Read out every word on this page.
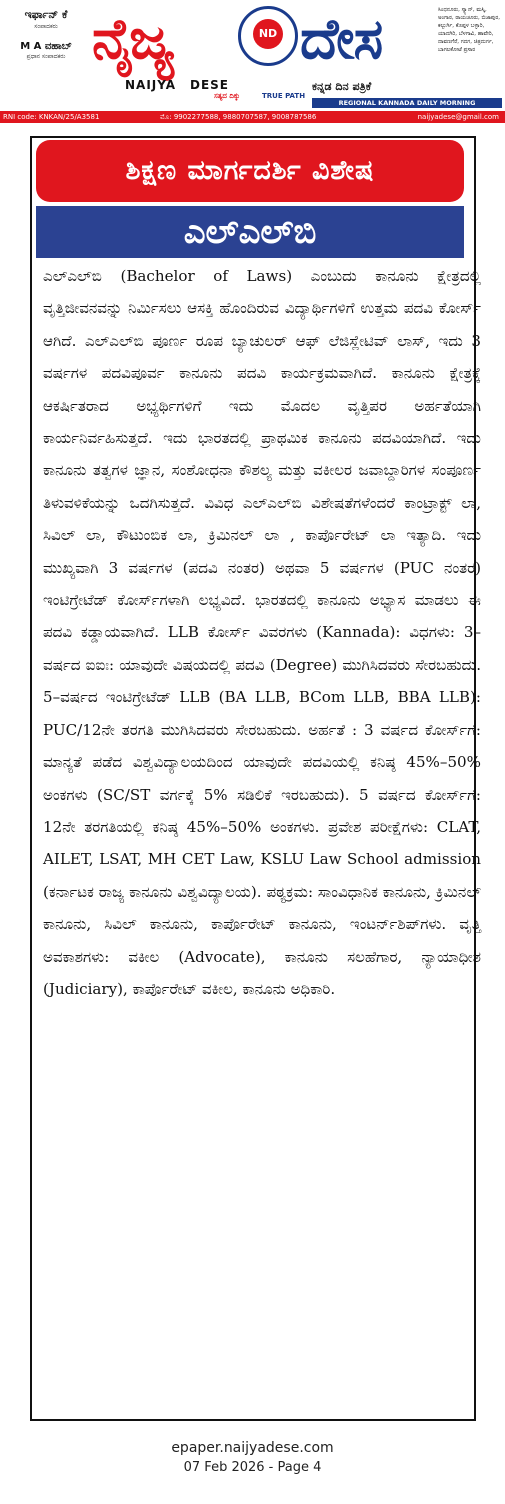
ಇರ್ಫಾನ್ ಕೆ
ಸಂಪಾದಕರು
M A ವಹಾಬ್
ಪ್ರಧಾನ ಸಂಪಾದಕರು ನೈಜ್ಯ	ND ದೇಸ
NAIJYA DESE
ಸತ್ಯದ ದಿಕ್ಕು	TRUE PATH
ಕನ್ನಡ ದಿನ ಪತ್ರಿಕೆ
ಸಿಂಧನೂರು, ಸ್ಕ್ಯಾನ್, ಮಸ್ಕಿ, ಅಂಗಾರ, ರಾಯಚೂರು, ಬಿಜಾಪುರ, ಕಲ್ಬುರ್ಗಿ, ಕೊಪ್ಪಳ ಬಳ್ಳಾರಿ, ಯಾದಗಿರಿ, ಬೆಳಗಾವಿ, ಹಾವೇರಿ, ದಾವಣಗೆರೆ, ಗದಗ, ಚಿತ್ರದುರ್ಗ, ಬಾಗಲಕೋಟೆ ಪ್ರಸಾರ
REGIONAL KANNADA DAILY MORNING
RNI code: KNKAN/25/A3581	ಮೊ: 9902277588, 9880707587, 9008787586	naijyadese@gmail.com
ಶಿಕ್ಷಣ ಮಾರ್ಗದರ್ಶಿ ವಿಶೇಷ
ಎಲ್‌ಎಲ್‌ಬಿ
ಎಲ್‌ಎಲ್‌ಬಿ (Bachelor of Laws) ಎಂಬುದು ಕಾನೂನು ಕ್ಷೇತ್ರದಲ್ಲಿ ವೃತ್ತಿಜೀವನವನ್ನು ನಿರ್ಮಿಸಲು ಆಸಕ್ತಿ ಹೊಂದಿರುವ ವಿದ್ಯಾರ್ಥಿಗಳಿಗೆ ಉತ್ತಮ ಪದವಿ ಕೋರ್ಸ್ ಆಗಿದೆ. ಎಲ್‌ಎಲ್‌ಬಿ ಪೂರ್ಣ ರೂಪ ಬ್ಯಾಚುಲರ್ ಆಫ್ ಲೆಜಿಸ್ಲೇಟಿವ್ ಲಾಸ್, ಇದು 3 ವರ್ಷಗಳ ಪದವಿಪೂರ್ವ ಕಾನೂನು ಪದವಿ ಕಾರ್ಯಕ್ರಮವಾಗಿದೆ. ಕಾನೂನು ಕ್ಷೇತ್ರಕ್ಕೆ ಆಕರ್ಷಿತರಾದ ಅಭ್ಯರ್ಥಿಗಳಿಗೆ ಇದು ಮೊದಲ ವೃತ್ತಿಪರ ಅರ್ಹತೆಯಾಗಿ ಕಾರ್ಯನಿರ್ವಹಿಸುತ್ತದೆ. ಇದು ಭಾರತದಲ್ಲಿ ಪ್ರಾಥಮಿಕ ಕಾನೂನು ಪದವಿಯಾಗಿದೆ. ಇದು ಕಾನೂನು ತತ್ವಗಳ ಜ್ಞಾನ, ಸಂಶೋಧನಾ ಕೌಶಲ್ಯ ಮತ್ತು ವಕೀಲರ ಜವಾಬ್ದಾರಿಗಳ ಸಂಪೂರ್ಣ ತಿಳುವಳಿಕೆಯನ್ನು ಒದಗಿಸುತ್ತದೆ. ವಿವಿಧ ಎಲ್‌ಎಲ್‌ಬಿ ವಿಶೇಷತೆಗಳೆಂದರೆ ಕಾಂಟ್ರಾಕ್ಟ್ ಲಾ, ಸಿವಿಲ್ ಲಾ, ಕೌಟುಂಬಿಕ ಲಾ, ಕ್ರಿಮಿನಲ್ ಲಾ , ಕಾರ್ಪೊರೇಟ್ ಲಾ ಇತ್ಯಾದಿ. ಇದು ಮುಖ್ಯವಾಗಿ 3 ವರ್ಷಗಳ (ಪದವಿ ನಂತರ) ಅಥವಾ 5 ವರ್ಷಗಳ (PUC ನಂತರ) ಇಂಟಿಗ್ರೇಟೆಡ್ ಕೋರ್ಸ್‌ಗಳಾಗಿ ಲಭ್ಯವಿದೆ. ಭಾರತದಲ್ಲಿ ಕಾನೂನು ಅಭ್ಯಾಸ ಮಾಡಲು ಈ ಪದವಿ ಕಡ್ಡಾಯವಾಗಿದೆ. LLB ಕೋರ್ಸ್ ವಿವರಗಳು (Kannada): ವಿಧಗಳು: 3–ವರ್ಷದ ಐಐಃ: ಯಾವುದೇ ವಿಷಯದಲ್ಲಿ ಪದವಿ (Degree) ಮುಗಿಸಿದವರು ಸೇರಬಹುದು. 5–ವರ್ಷದ ಇಂಟಿಗ್ರೇಟೆಡ್ LLB (BA LLB, BCom LLB, BBA LLB): PUC/12ನೇ ತರಗತಿ ಮುಗಿಸಿದವರು ಸೇರಬಹುದು. ಅರ್ಹತೆ : 3 ವರ್ಷದ ಕೋರ್ಸ್‌ಗೆ: ಮಾನ್ಯತೆ ಪಡೆದ ವಿಶ್ವವಿದ್ಯಾಲಯದಿಂದ ಯಾವುದೇ ಪದವಿಯಲ್ಲಿ ಕನಿಷ್ಠ 45%–50% ಅಂಕಗಳು (SC/ST ವರ್ಗಕ್ಕೆ 5% ಸಡಿಲಿಕೆ ಇರಬಹುದು). 5 ವರ್ಷದ ಕೋರ್ಸ್‌ಗೆ: 12ನೇ ತರಗತಿಯಲ್ಲಿ ಕನಿಷ್ಠ 45%–50% ಅಂಕಗಳು. ಪ್ರವೇಶ ಪರೀಕ್ಷೆಗಳು: CLAT, AILET, LSAT, MH CET Law, KSLU Law School admission (ಕರ್ನಾಟಕ ರಾಜ್ಯ ಕಾನೂನು ವಿಶ್ವವಿದ್ಯಾಲಯ). ಪಠ್ಯಕ್ರಮ: ಸಾಂವಿಧಾನಿಕ ಕಾನೂನು, ಕ್ರಿಮಿನಲ್ ಕಾನೂನು, ಸಿವಿಲ್ ಕಾನೂನು, ಕಾರ್ಪೊರೇಟ್ ಕಾನೂನು, ಇಂಟರ್ನ್‌ಶಿಪ್‌ಗಳು. ವೃತ್ತಿ ಅವಕಾಶಗಳು: ವಕೀಲ (Advocate), ಕಾನೂನು ಸಲಹೆಗಾರ, ನ್ಯಾಯಾಧೀಶ (Judiciary), ಕಾರ್ಪೊರೇಟ್ ವಕೀಲ, ಕಾನೂನು ಅಧಿಕಾರಿ.
epaper.naijyadese.com
07 Feb 2026 - Page 4
